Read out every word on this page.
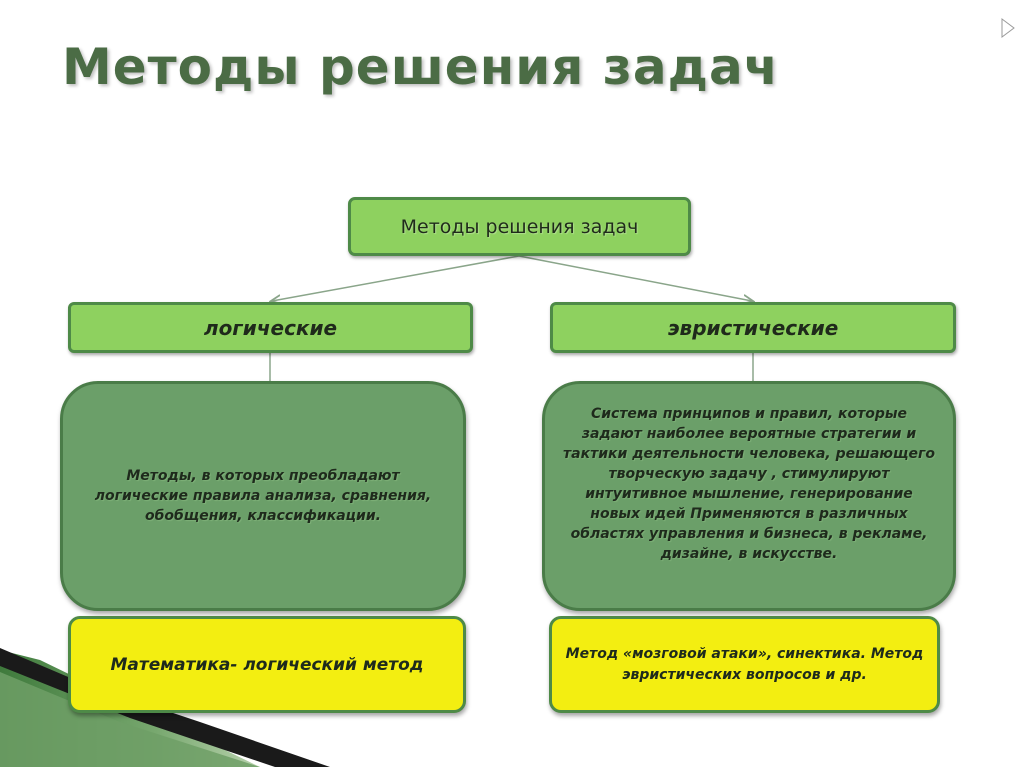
Методы решения задач
Методы решения задач
логические	эвристические
Методы, в которых преобладают логические правила анализа, сравнения, обобщения, классификации.
Система принципов и правил, которые задают наиболее вероятные стратегии и тактики деятельности человека, решающего творческую задачу , стимулируют интуитивное мышление, генерирование новых идей Применяются в различных областях управления и бизнеса, в рекламе, дизайне, в искусстве.
Математика- логический метод
Метод «мозговой атаки», синектика. Метод эвристических вопросов и др.
